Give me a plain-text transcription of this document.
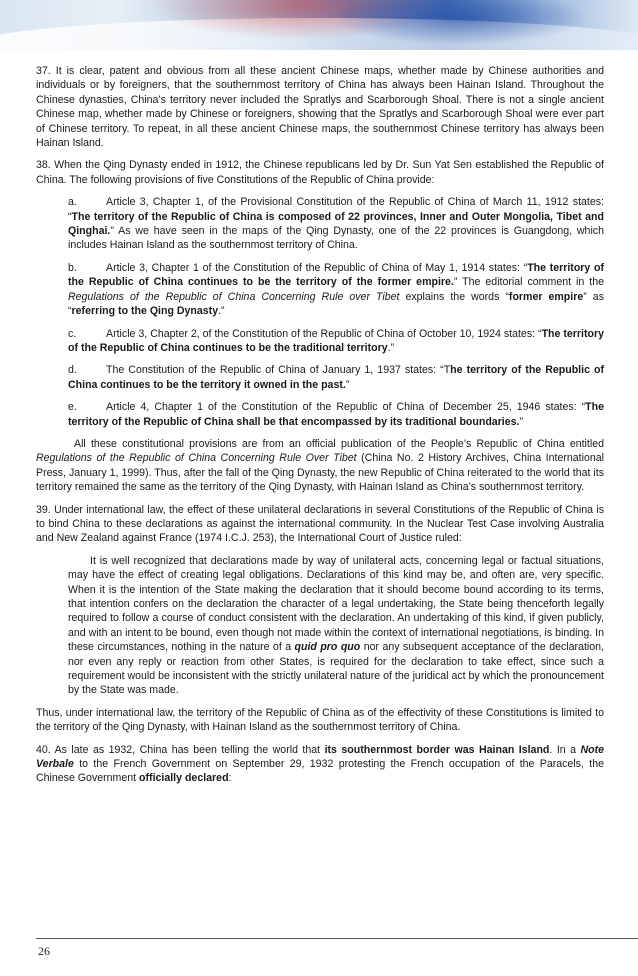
37. It is clear, patent and obvious from all these ancient Chinese maps, whether made by Chinese authorities and individuals or by foreigners, that the southernmost territory of China has always been Hainan Island. Throughout the Chinese dynasties, China’s territory never included the Spratlys and Scarborough Shoal. There is not a single ancient Chinese map, whether made by Chinese or foreigners, showing that the Spratlys and Scarborough Shoal were ever part of Chinese territory. To repeat, in all these ancient Chinese maps, the southernmost Chinese territory has always been Hainan Island.

38. When the Qing Dynasty ended in 1912, the Chinese republicans led by Dr. Sun Yat Sen established the Republic of China. The following provisions of five Constitutions of the Republic of China provide:

a.	Article 3, Chapter 1, of the Provisional Constitution of the Republic of China of March 11, 1912 states: “The territory of the Republic of China is composed of 22 provinces, Inner and Outer Mongolia, Tibet and Qinghai.” As we have seen in the maps of the Qing Dynasty, one of the 22 provinces is Guangdong, which includes Hainan Island as the southernmost territory of China.

b.	Article 3, Chapter 1 of the Constitution of the Republic of China of May 1, 1914 states: “The territory of the Republic of China continues to be the territory of the former empire.” The editorial comment in the Regulations of the Republic of China Concerning Rule over Tibet explains the words “former empire” as “referring to the Qing Dynasty.”

c.	Article 3, Chapter 2, of the Constitution of the Republic of China of October 10, 1924 states: “The territory of the Republic of China continues to be the traditional territory.”

d.	The Constitution of the Republic of China of January 1, 1937 states: “The territory of the Republic of China continues to be the territory it owned in the past.”

e.	Article 4, Chapter 1 of the Constitution of the Republic of China of December 25, 1946 states: “The territory of the Republic of China shall be that encompassed by its traditional boundaries.”

All these constitutional provisions are from an official publication of the People’s Republic of China entitled Regulations of the Republic of China Concerning Rule Over Tibet (China No. 2 History Archives, China International Press, January 1, 1999). Thus, after the fall of the Qing Dynasty, the new Republic of China reiterated to the world that its territory remained the same as the territory of the Qing Dynasty, with Hainan Island as China’s southernmost territory.

39. Under international law, the effect of these unilateral declarations in several Constitutions of the Republic of China is to bind China to these declarations as against the international community. In the Nuclear Test Case involving Australia and New Zealand against France (1974 I.C.J. 253), the International Court of Justice ruled:

It is well recognized that declarations made by way of unilateral acts, concerning legal or factual situations, may have the effect of creating legal obligations. Declarations of this kind may be, and often are, very specific. When it is the intention of the State making the declaration that it should become bound according to its terms, that intention confers on the declaration the character of a legal undertaking, the State being thenceforth legally required to follow a course of conduct consistent with the declaration. An undertaking of this kind, if given publicly, and with an intent to be bound, even though not made within the context of international negotiations, is binding. In these circumstances, nothing in the nature of a quid pro quo nor any subsequent acceptance of the declaration, nor even any reply or reaction from other States, is required for the declaration to take effect, since such a requirement would be inconsistent with the strictly unilateral nature of the juridical act by which the pronouncement by the State was made.

Thus, under international law, the territory of the Republic of China as of the effectivity of these Constitutions is limited to the territory of the Qing Dynasty, with Hainan Island as the southernmost territory of China.

40. As late as 1932, China has been telling the world that its southernmost border was Hainan Island. In a Note Verbale to the French Government on September 29, 1932 protesting the French occupation of the Paracels, the Chinese Government officially declared:

26
